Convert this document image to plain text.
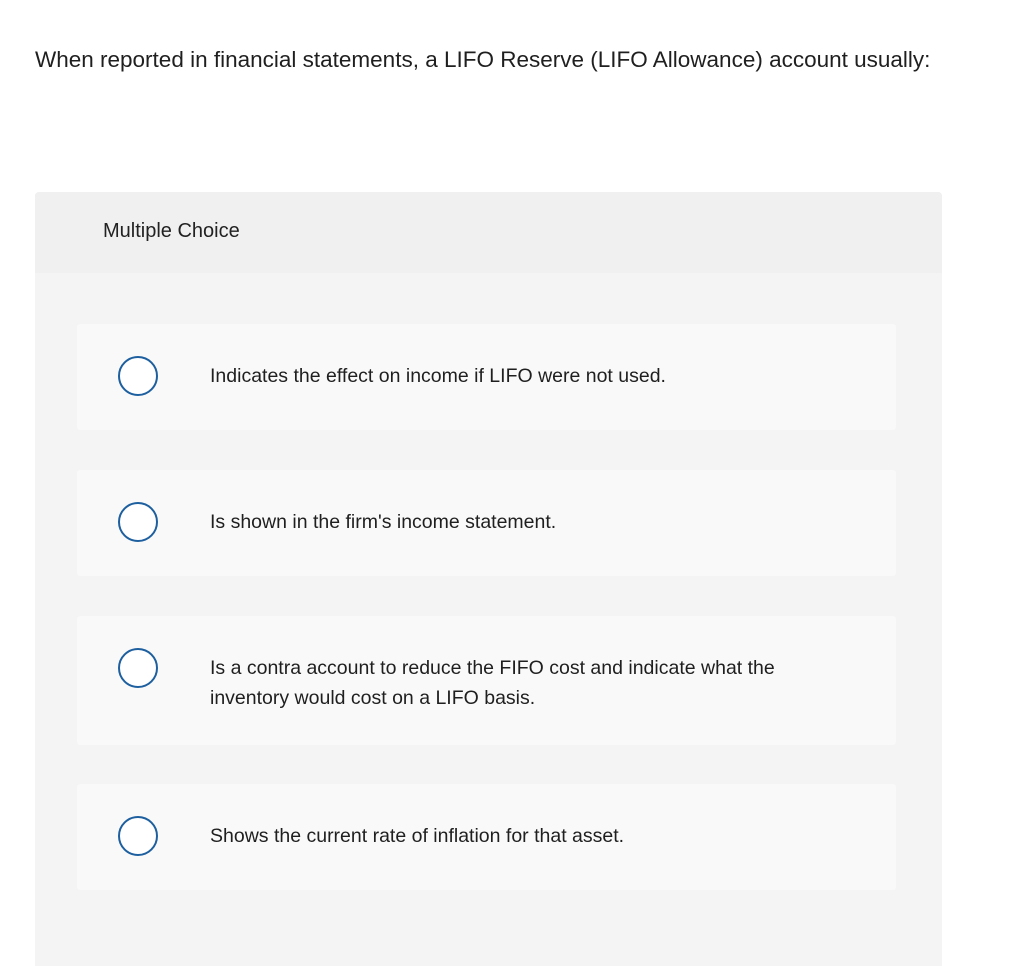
When reported in financial statements, a LIFO Reserve (LIFO Allowance) account usually:

Multiple Choice
Indicates the effect on income if LIFO were not used.
Is shown in the firm's income statement.
Is a contra account to reduce the FIFO cost and indicate what the inventory would cost on a LIFO basis.
Shows the current rate of inflation for that asset.
